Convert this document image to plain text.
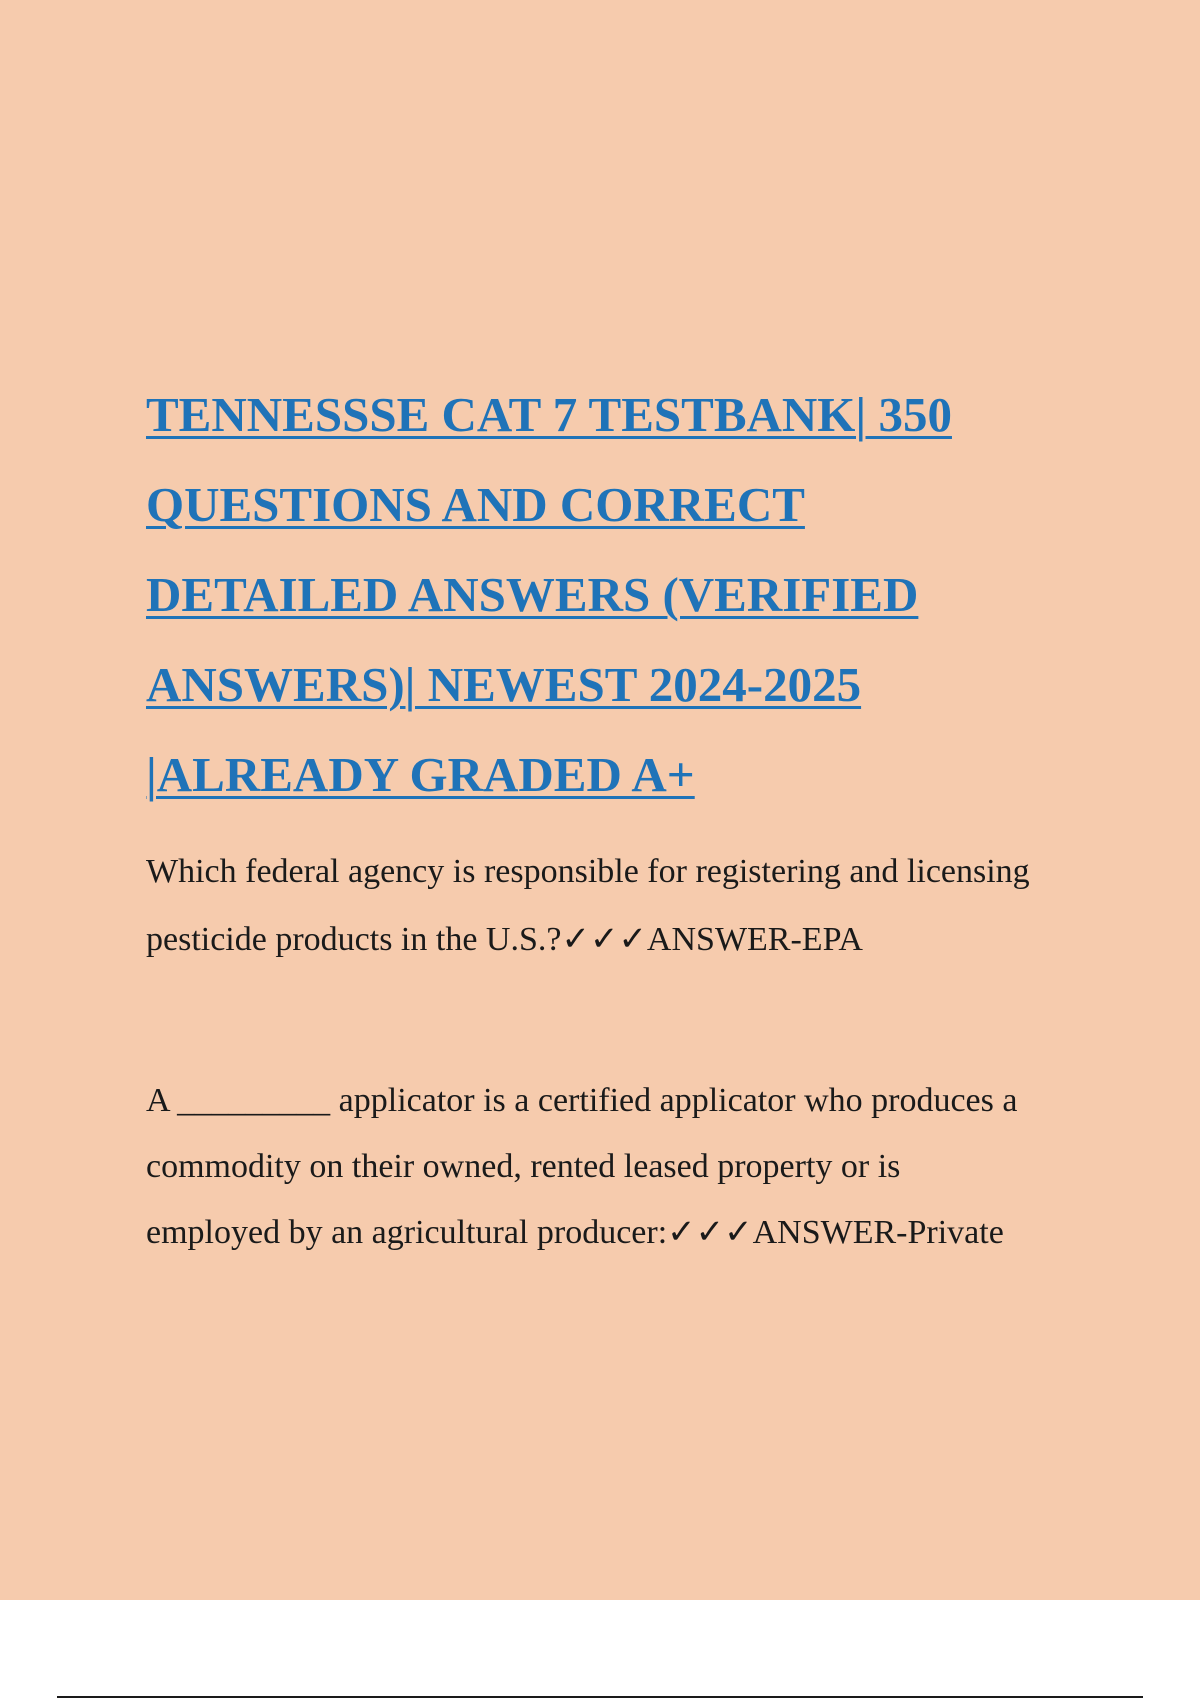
TENNESSSE CAT 7 TESTBANK| 350
QUESTIONS AND CORRECT
DETAILED ANSWERS (VERIFIED
ANSWERS)| NEWEST 2024-2025
|ALREADY GRADED A+

Which federal agency is responsible for registering and licensing
pesticide products in the U.S.?✓✓✓ANSWER-EPA

A _________ applicator is a certified applicator who produces a
commodity on their owned, rented leased property or is
employed by an agricultural producer:✓✓✓ANSWER-Private
